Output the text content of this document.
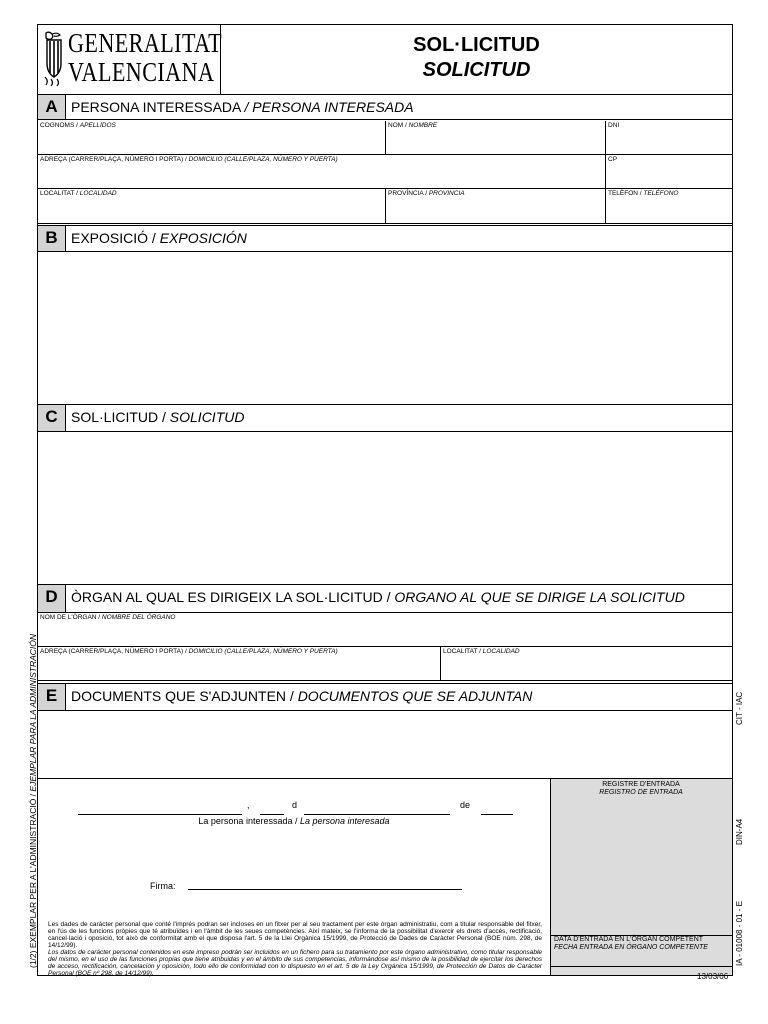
GENERALITAT
VALENCIANA
SOL·LICITUD
SOLICITUD
A PERSONA INTERESSADA / PERSONA INTERESADA
COGNOMS / APELLIDOS	NOM / NOMBRE	DNI
ADREÇA (CARRER/PLAÇA, NÚMERO I PORTA) / DOMICILIO (CALLE/PLAZA, NÚMERO Y PUERTA)	CP
LOCALITAT / LOCALIDAD	PROVÍNCIA / PROVINCIA	TELÈFON / TELÉFONO
B EXPOSICIÓ / EXPOSICIÓN
C SOL·LICITUD / SOLICITUD
D ÒRGAN AL QUAL ES DIRIGEIX LA SOL·LICITUD / ORGANO AL QUE SE DIRIGE LA SOLICITUD
NOM DE L'ÒRGAN / NOMBRE DEL ÓRGANO
ADREÇA (CARRER/PLAÇA, NÚMERO I PORTA) / DOMICILIO (CALLE/PLAZA, NÚMERO Y PUERTA)	LOCALITAT / LOCALIDAD
E DOCUMENTS QUE S'ADJUNTEN / DOCUMENTOS QUE SE ADJUNTAN
,	d	de
La persona interessada / La persona interesada
Firma:
Les dades de caràcter personal que conté l'imprés podran ser incloses en un fitxer per al seu tractament per este òrgan administratiu, com a titular responsable del fitxer, en l'ús de les funcions pròpies que té atribuïdes i en l'àmbit de les seues competències. Així mateix, se l'informa de la possibilitat d'exercir els drets d'accés, rectificació, cancel·lació i oposició, tot això de conformitat amb el que disposa l'art. 5 de la Llei Orgànica 15/1999, de Protecció de Dades de Caràcter Personal (BOE núm. 298, de 14/12/99).
Los datos de carácter personal contenidos en este impreso podrán ser incluidos en un fichero para su tratamiento por este órgano administrativo, como titular responsable del mismo, en el uso de las funciones propias que tiene atribuidas y en el ámbito de sus competencias, informándose así mismo de la posibilidad de ejercitar los derechos de acceso, rectificación, cancelación y oposición, todo ello de conformidad con lo dispuesto en el art. 5 de la Ley Orgánica 15/1999, de Protección de Datos de Carácter Personal (BOE nº 298, de 14/12/99).
REGISTRE D'ENTRADA
REGISTRO DE ENTRADA
DATA D'ENTRADA EN L'ÒRGAN COMPETENT
FECHA ENTRADA EN ÓRGANO COMPETENTE
(1/2) EXEMPLAR PER A L'ADMINISTRACIÓ / EJEMPLAR PARA LA ADMINISTRACIÓN	CIT - IAC
DIN-A4
IA - 01008 - 01 - E
13/03/06
